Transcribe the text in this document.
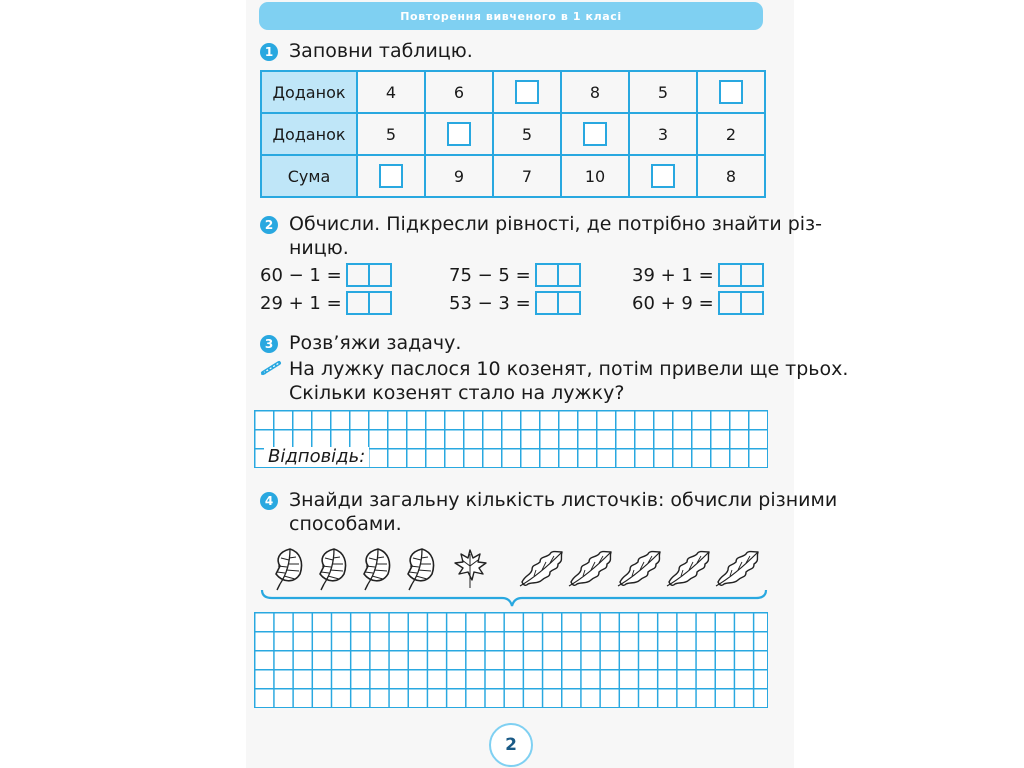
Повторення вивченого в 1 класі
1 Заповни таблицю.
Доданок	4	6		8	5	
Доданок	5		5		3	2
Сума		9	7	10		8
2 Обчисли. Підкресли рівності, де потрібно знайти різ-
ницю.
60 − 1 =	75 − 5 =	39 + 1 =
29 + 1 =	53 − 3 =	60 + 9 =
3 Розв’яжи задачу.
На лужку паслося 10 козенят, потім привели ще трьох.
Скільки козенят стало на лужку?
Відповідь:
4 Знайди загальну кількість листочків: обчисли різними
способами.
2
